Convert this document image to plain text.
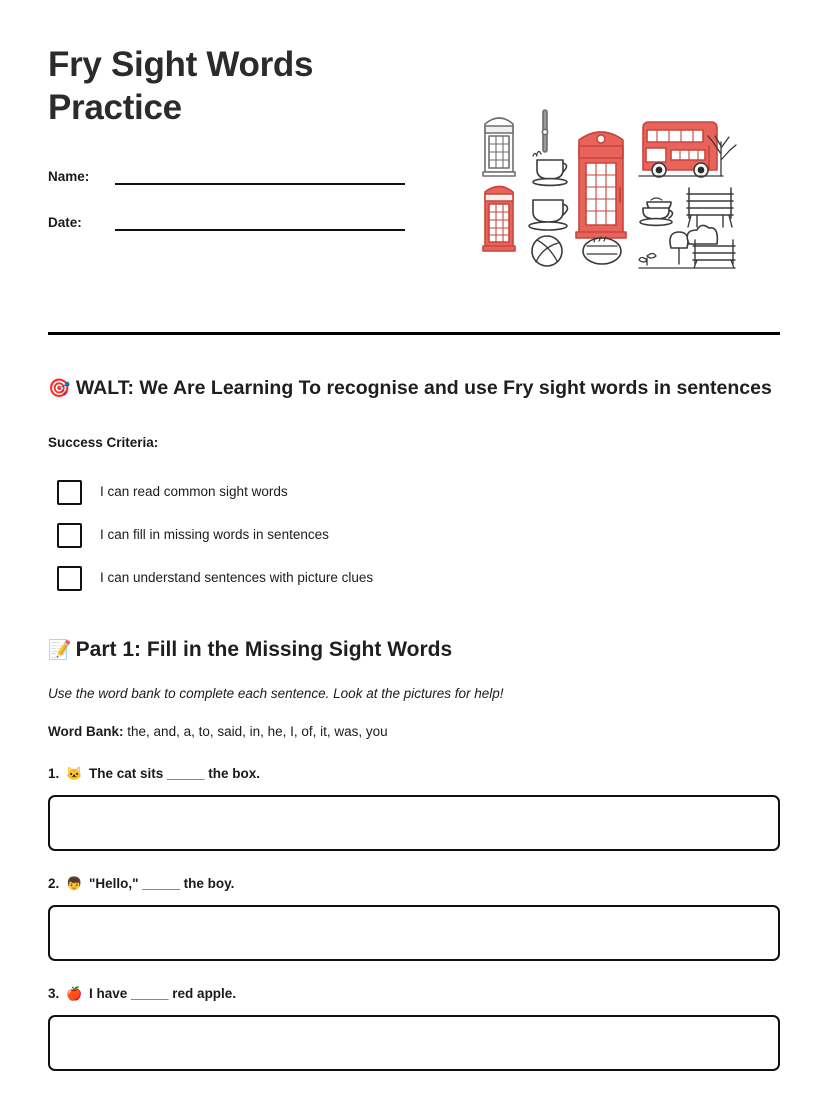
Fry Sight Words Practice
Name:
Date:
🎯 WALT: We Are Learning To recognise and use Fry sight words in sentences
Success Criteria:
I can read common sight words
I can fill in missing words in sentences
I can understand sentences with picture clues
📝 Part 1: Fill in the Missing Sight Words
Use the word bank to complete each sentence. Look at the pictures for help!
Word Bank: the, and, a, to, said, in, he, I, of, it, was, you
1. 🐱 The cat sits _____ the box.
2. 👦 "Hello," _____ the boy.
3. 🍎 I have _____ red apple.
